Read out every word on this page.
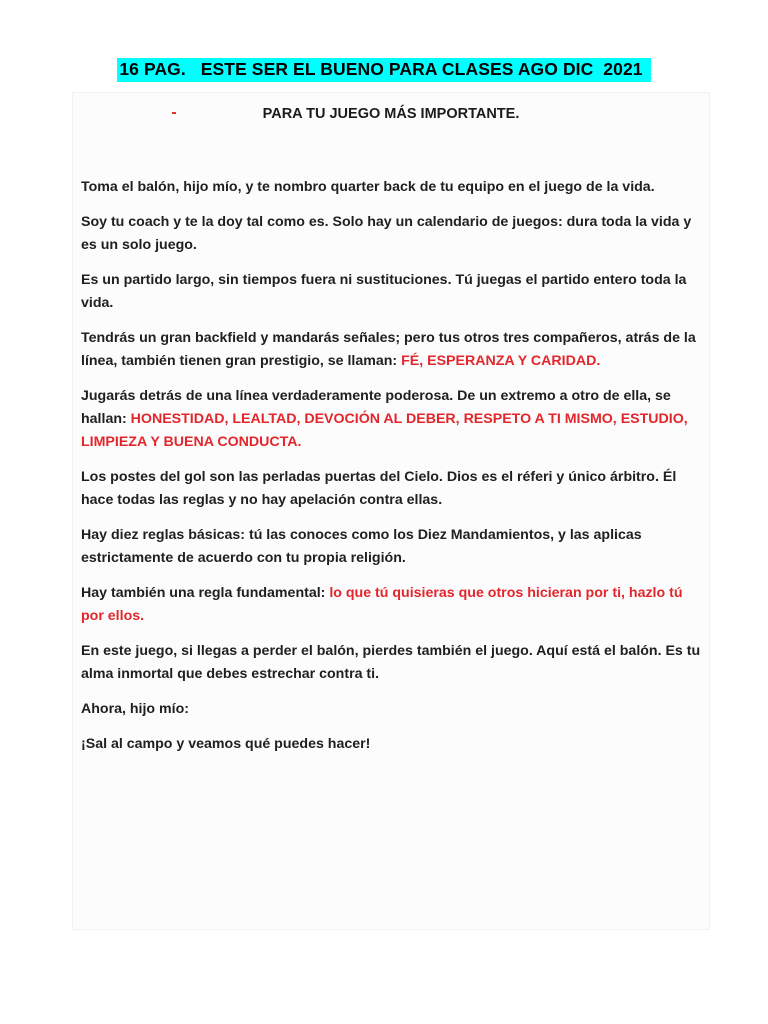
16 PAG.   ESTE SER EL BUENO PARA CLASES AGO DIC  2021
PARA TU JUEGO MÁS IMPORTANTE.

Toma el balón, hijo mío, y te nombro quarter back de tu equipo en el juego de la vida.

Soy tu coach y te la doy tal como es. Solo hay un calendario de juegos: dura toda la vida y es un solo juego.

Es un partido largo, sin tiempos fuera ni sustituciones. Tú juegas el partido entero toda la vida.

Tendrás un gran backfield y mandarás señales; pero tus otros tres compañeros, atrás de la línea, también tienen gran prestigio, se llaman: FÉ, ESPERANZA Y CARIDAD.

Jugarás detrás de una línea verdaderamente poderosa. De un extremo a otro de ella, se hallan: HONESTIDAD, LEALTAD, DEVOCIÓN AL DEBER, RESPETO A TI MISMO, ESTUDIO, LIMPIEZA Y BUENA CONDUCTA.

Los postes del gol son las perladas puertas del Cielo. Dios es el réferi y único árbitro. Él hace todas las reglas y no hay apelación contra ellas.

Hay diez reglas básicas: tú las conoces como los Diez Mandamientos, y las aplicas estrictamente de acuerdo con tu propia religión.

Hay también una regla fundamental: lo que tú quisieras que otros hicieran por ti, hazlo tú por ellos.

En este juego, si llegas a perder el balón, pierdes también el juego. Aquí está el balón. Es tu alma inmortal que debes estrechar contra ti.

Ahora, hijo mío:

¡Sal al campo y veamos qué puedes hacer!
